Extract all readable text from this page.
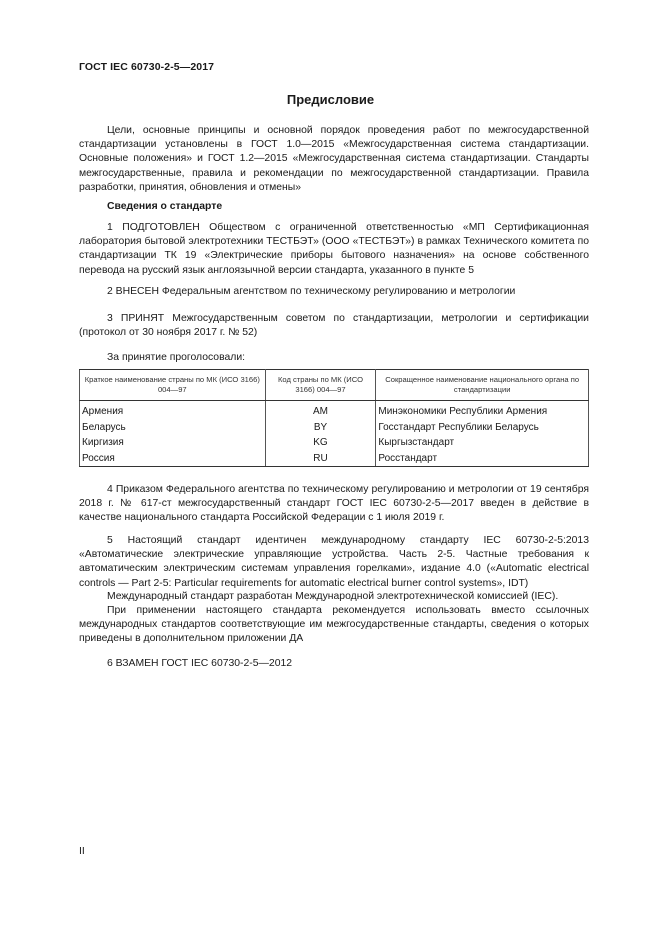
ГОСТ IEC 60730-2-5—2017
Предисловие
Цели, основные принципы и основной порядок проведения работ по межгосударственной стандартизации установлены в ГОСТ 1.0—2015 «Межгосударственная система стандартизации. Основные положения» и ГОСТ 1.2—2015 «Межгосударственная система стандартизации. Стандарты межгосударственные, правила и рекомендации по межгосударственной стандартизации. Правила разработки, принятия, обновления и отмены»
Сведения о стандарте
1 ПОДГОТОВЛЕН Обществом с ограниченной ответственностью «МП Сертификационная лаборатория бытовой электротехники ТЕСТБЭТ» (ООО «ТЕСТБЭТ») в рамках Технического комитета по стандартизации ТК 19 «Электрические приборы бытового назначения» на основе собственного перевода на русский язык англоязычной версии стандарта, указанного в пункте 5
2 ВНЕСЕН Федеральным агентством по техническому регулированию и метрологии
3 ПРИНЯТ Межгосударственным советом по стандартизации, метрологии и сертификации (протокол от 30 ноября 2017 г. № 52)
За принятие проголосовали:
Краткое наименование страны по МК (ИСО 3166) 004—97	Код страны по МК (ИСО 3166) 004—97	Сокращенное наименование национального органа по стандартизации
Армения	AM	Минэкономики Республики Армения
Беларусь	BY	Госстандарт Республики Беларусь
Киргизия	KG	Кыргызстандарт
Россия	RU	Росстандарт
4 Приказом Федерального агентства по техническому регулированию и метрологии от 19 сентября 2018 г. № 617-ст межгосударственный стандарт ГОСТ IEC 60730-2-5—2017 введен в действие в качестве национального стандарта Российской Федерации с 1 июля 2019 г.
5 Настоящий стандарт идентичен международному стандарту IEC 60730-2-5:2013 «Автоматические электрические управляющие устройства. Часть 2-5. Частные требования к автоматическим электрическим системам управления горелками», издание 4.0 («Automatic electrical controls — Part 2-5: Particular requirements for automatic electrical burner control systems», IDT)
Международный стандарт разработан Международной электротехнической комиссией (IEC).
При применении настоящего стандарта рекомендуется использовать вместо ссылочных международных стандартов соответствующие им межгосударственные стандарты, сведения о которых приведены в дополнительном приложении ДА
6 ВЗАМЕН ГОСТ IEC 60730-2-5—2012
II
